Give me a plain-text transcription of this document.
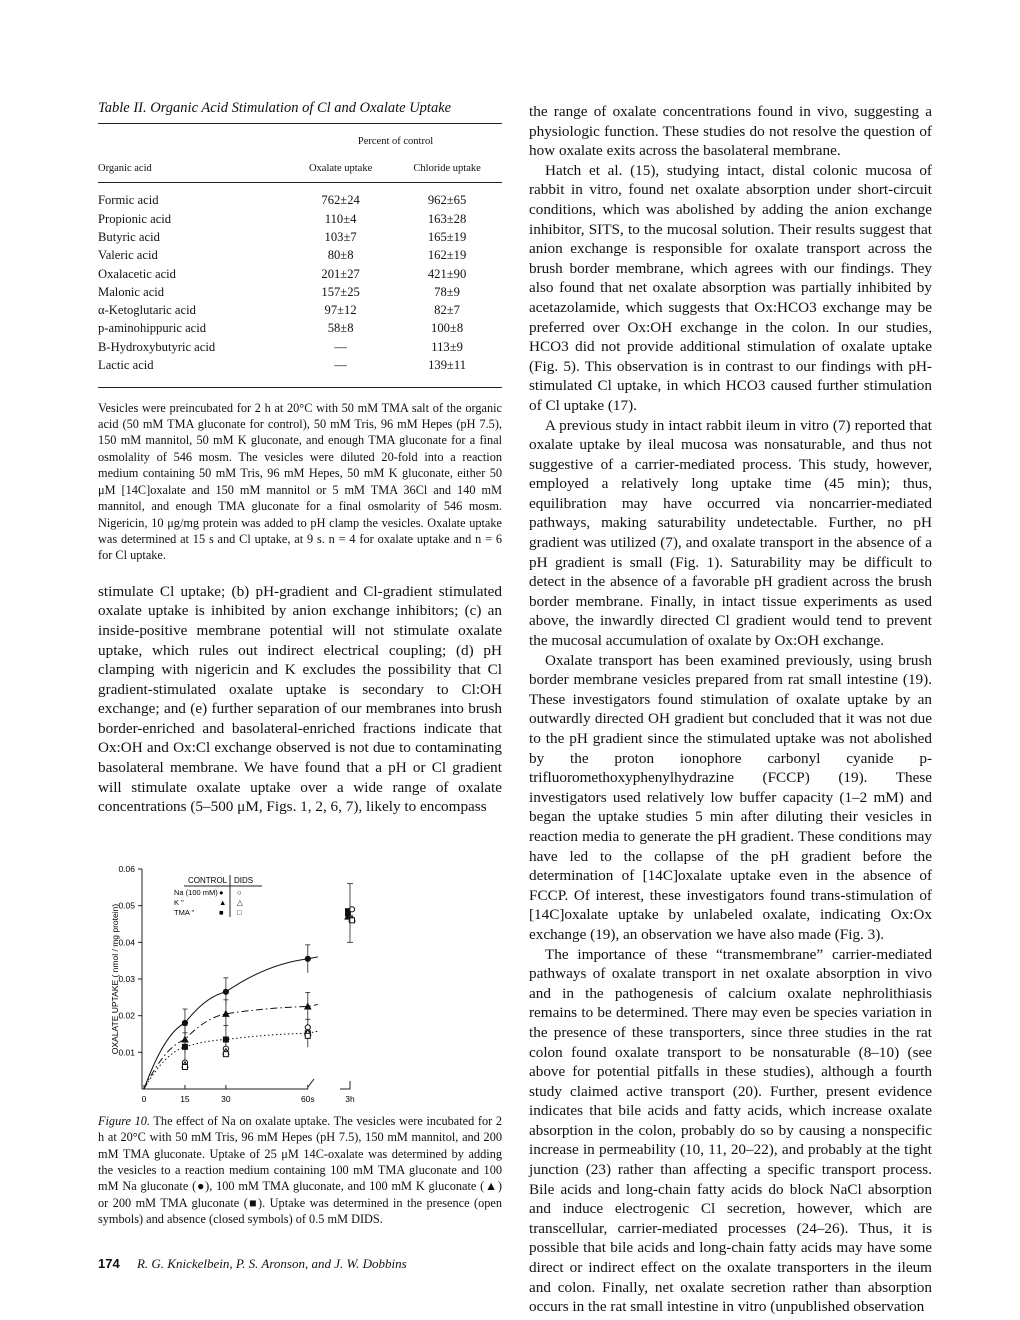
Table II. Organic Acid Stimulation of Cl and Oxalate Uptake
Organic acid	Percent of control	
	Oxalate uptake	Chloride uptake
Formic acid	762±24	962±65
Propionic acid	110±4	163±28
Butyric acid	103±7	165±19
Valeric acid	80±8	162±19
Oxalacetic acid	201±27	421±90
Malonic acid	157±25	78±9
α-Ketoglutaric acid	97±12	82±7
p-aminohippuric acid	58±8	100±8
B-Hydroxybutyric acid	—	113±9
Lactic acid	—	139±11
Vesicles were preincubated for 2 h at 20°C with 50 mM TMA salt of the organic acid (50 mM TMA gluconate for control), 50 mM Tris, 96 mM Hepes (pH 7.5), 150 mM mannitol, 50 mM K gluconate, and enough TMA gluconate for a final osmolality of 546 mosm. The vesicles were diluted 20-fold into a reaction medium containing 50 mM Tris, 96 mM Hepes, 50 mM K gluconate, either 50 μM [14C]oxalate and 150 mM mannitol or 5 mM TMA 36Cl and 140 mM mannitol, and enough TMA gluconate for a final osmolarity of 546 mosm. Nigericin, 10 μg/mg protein was added to pH clamp the vesicles. Oxalate uptake was determined at 15 s and Cl uptake, at 9 s. n = 4 for oxalate uptake and n = 6 for Cl uptake.

stimulate Cl uptake; (b) pH-gradient and Cl-gradient stimulated oxalate uptake is inhibited by anion exchange inhibitors; (c) an inside-positive membrane potential will not stimulate oxalate uptake, which rules out indirect electrical coupling; (d) pH clamping with nigericin and K excludes the possibility that Cl gradient-stimulated oxalate uptake is secondary to Cl:OH exchange; and (e) further separation of our membranes into brush border-enriched and basolateral-enriched fractions indicate that Ox:OH and Ox:Cl exchange observed is not due to contaminating basolateral membrane. We have found that a pH or Cl gradient will stimulate oxalate uptake over a wide range of oxalate concentrations (5–500 μM, Figs. 1, 2, 6, 7), likely to encompass

0.01
0.02
0.03
0.04
0.05
0.06
0	15	30	60s	3h
OXALATE UPTAKE ( nmol / mg protein)
CONTROL DIDS
Na (100 mM) ● ○
K "	▲ △
TMA "	■ □
Figure 10. The effect of Na on oxalate uptake. The vesicles were incubated for 2 h at 20°C with 50 mM Tris, 96 mM Hepes (pH 7.5), 150 mM mannitol, and 200 mM TMA gluconate. Uptake of 25 μM 14C-oxalate was determined by adding the vesicles to a reaction medium containing 100 mM TMA gluconate and 100 mM Na gluconate (●), 100 mM TMA gluconate, and 100 mM K gluconate (▲) or 200 mM TMA gluconate (■). Uptake was determined in the presence (open symbols) and absence (closed symbols) of 0.5 mM DIDS.

the range of oxalate concentrations found in vivo, suggesting a physiologic function. These studies do not resolve the question of how oxalate exits across the basolateral membrane.

Hatch et al. (15), studying intact, distal colonic mucosa of rabbit in vitro, found net oxalate absorption under short-circuit conditions, which was abolished by adding the anion exchange inhibitor, SITS, to the mucosal solution. Their results suggest that anion exchange is responsible for oxalate transport across the brush border membrane, which agrees with our findings. They also found that net oxalate absorption was partially inhibited by acetazolamide, which suggests that Ox:HCO3 exchange may be preferred over Ox:OH exchange in the colon. In our studies, HCO3 did not provide additional stimulation of oxalate uptake (Fig. 5). This observation is in contrast to our findings with pH-stimulated Cl uptake, in which HCO3 caused further stimulation of Cl uptake (17).

A previous study in intact rabbit ileum in vitro (7) reported that oxalate uptake by ileal mucosa was nonsaturable, and thus not suggestive of a carrier-mediated process. This study, however, employed a relatively long uptake time (45 min); thus, equilibration may have occurred via noncarrier-mediated pathways, making saturability undetectable. Further, no pH gradient was utilized (7), and oxalate transport in the absence of a pH gradient is small (Fig. 1). Saturability may be difficult to detect in the absence of a favorable pH gradient across the brush border membrane. Finally, in intact tissue experiments as used above, the inwardly directed Cl gradient would tend to prevent the mucosal accumulation of oxalate by Ox:OH exchange.

Oxalate transport has been examined previously, using brush border membrane vesicles prepared from rat small intestine (19). These investigators found stimulation of oxalate uptake by an outwardly directed OH gradient but concluded that it was not due to the pH gradient since the stimulated uptake was not abolished by the proton ionophore carbonyl cyanide p-trifluoromethoxyphenylhydrazine (FCCP) (19). These investigators used relatively low buffer capacity (1–2 mM) and began the uptake studies 5 min after diluting their vesicles in reaction media to generate the pH gradient. These conditions may have led to the collapse of the pH gradient before the determination of [14C]oxalate uptake even in the absence of FCCP. Of interest, these investigators found trans-stimulation of [14C]oxalate uptake by unlabeled oxalate, indicating Ox:Ox exchange (19), an observation we have also made (Fig. 3).

The importance of these “transmembrane” carrier-mediated pathways of oxalate transport in net oxalate absorption in vivo and in the pathogenesis of calcium oxalate nephrolithiasis remains to be determined. There may even be species variation in the presence of these transporters, since three studies in the rat colon found oxalate transport to be nonsaturable (8–10) (see above for potential pitfalls in these studies), although a fourth study claimed active transport (20). Further, present evidence indicates that bile acids and fatty acids, which increase oxalate absorption in the colon, probably do so by causing a nonspecific increase in permeability (10, 11, 20–22), and probably at the tight junction (23) rather than affecting a specific transport process. Bile acids and long-chain fatty acids do block NaCl absorption and induce electrogenic Cl secretion, however, which are transcellular, carrier-mediated processes (24–26). Thus, it is possible that bile acids and long-chain fatty acids may have some direct or indirect effect on the oxalate transporters in the ileum and colon. Finally, net oxalate secretion rather than absorption occurs in the rat small intestine in vitro (unpublished observation

174 R. G. Knickelbein, P. S. Aronson, and J. W. Dobbins
